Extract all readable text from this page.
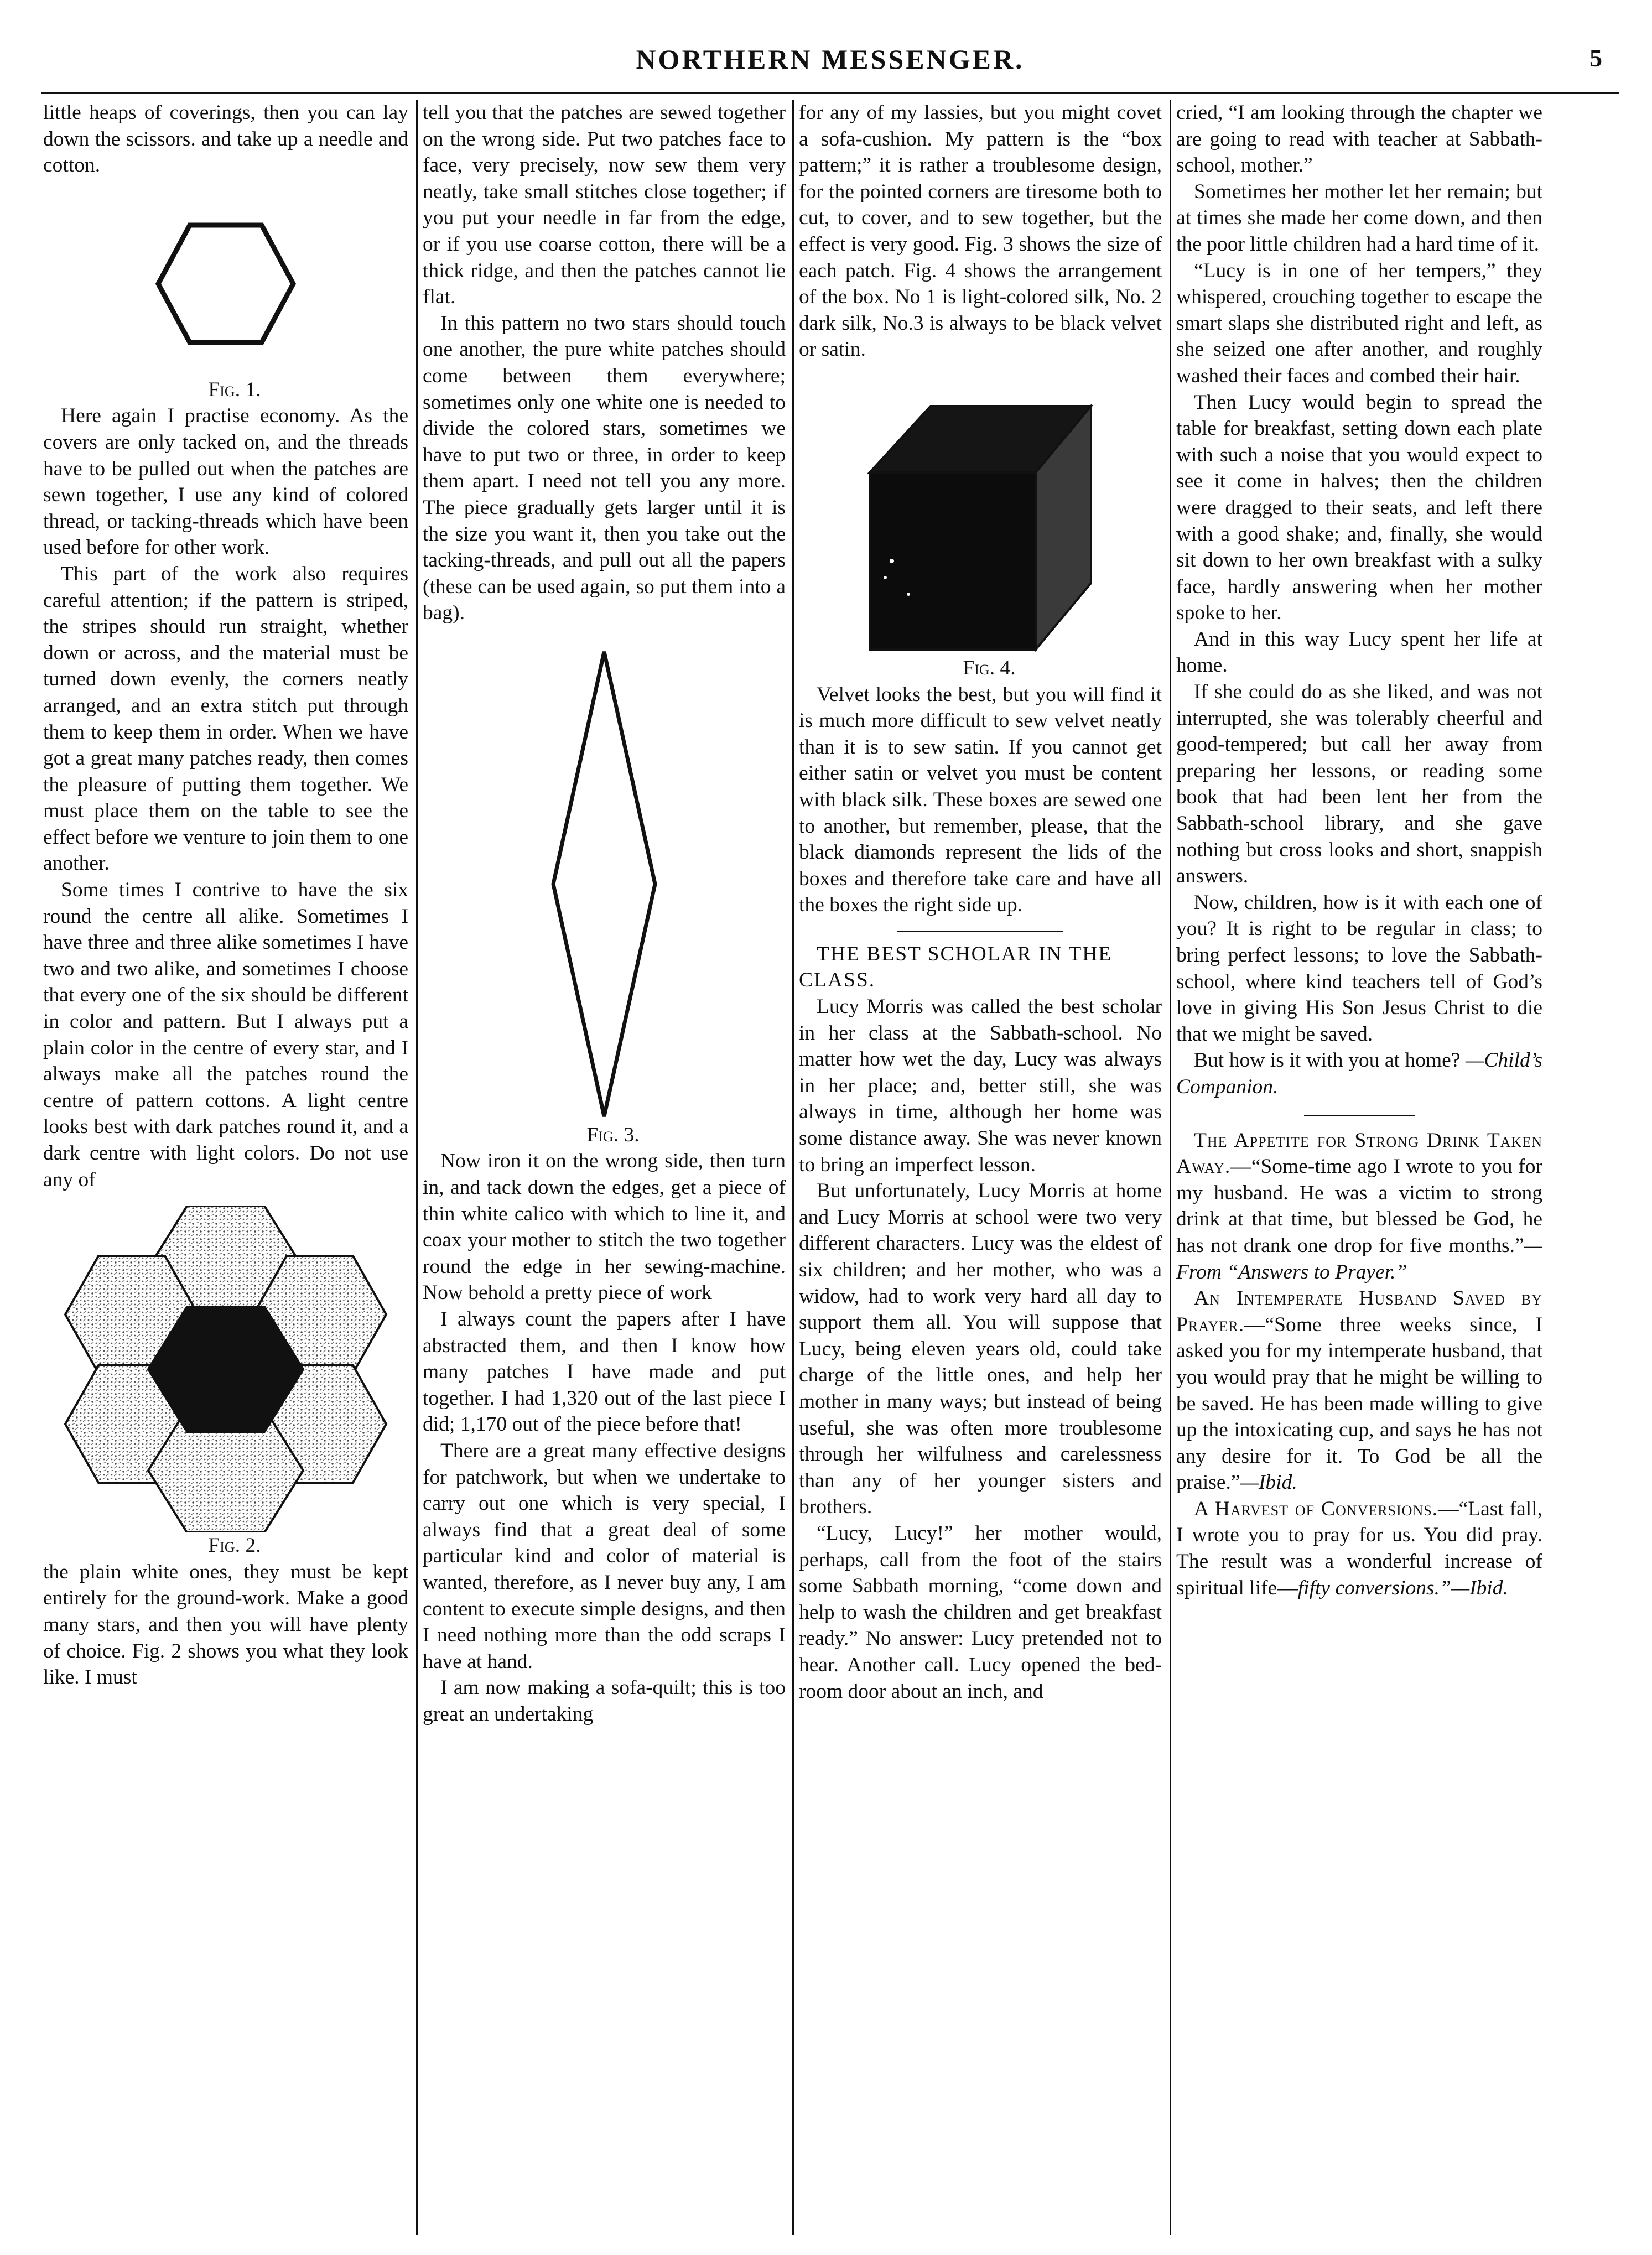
NORTHERN MESSENGER.	5

little heaps of coverings, then you can lay down the scissors. and take up a needle and cotton.

Fig. 1.

Here again I practise economy. As the covers are only tacked on, and the threads have to be pulled out when the patches are sewn together, I use any kind of colored thread, or tacking-threads which have been used before for other work.

This part of the work also requires careful attention; if the pattern is striped, the stripes should run straight, whether down or across, and the material must be turned down evenly, the corners neatly arranged, and an extra stitch put through them to keep them in order. When we have got a great many patches ready, then comes the pleasure of putting them together. We must place them on the table to see the effect before we venture to join them to one another.

Some times I contrive to have the six round the centre all alike. Sometimes I have three and three alike sometimes I have two and two alike, and sometimes I choose that every one of the six should be different in color and pattern. But I always put a plain color in the centre of every star, and I always make all the patches round the centre of pattern cottons. A light centre looks best with dark patches round it, and a dark centre with light colors. Do not use any of

Fig. 2.

the plain white ones, they must be kept entirely for the ground-work. Make a good many stars, and then you will have plenty of choice. Fig. 2 shows you what they look like. I must

tell you that the patches are sewed together on the wrong side. Put two patches face to face, very precisely, now sew them very neatly, take small stitches close together; if you put your needle in far from the edge, or if you use coarse cotton, there will be a thick ridge, and then the patches cannot lie flat.

In this pattern no two stars should touch one another, the pure white patches should come between them everywhere; sometimes only one white one is needed to divide the colored stars, sometimes we have to put two or three, in order to keep them apart. I need not tell you any more. The piece gradually gets larger until it is the size you want it, then you take out the tacking-threads, and pull out all the papers (these can be used again, so put them into a bag).

Fig. 3.

Now iron it on the wrong side, then turn in, and tack down the edges, get a piece of thin white calico with which to line it, and coax your mother to stitch the two together round the edge in her sewing-machine. Now behold a pretty piece of work

I always count the papers after I have abstracted them, and then I know how many patches I have made and put together. I had 1,320 out of the last piece I did; 1,170 out of the piece before that!

There are a great many effective designs for patchwork, but when we undertake to carry out one which is very special, I always find that a great deal of some particular kind and color of material is wanted, therefore, as I never buy any, I am content to execute simple designs, and then I need nothing more than the odd scraps I have at hand.

I am now making a sofa-quilt; this is too great an undertaking

for any of my lassies, but you might covet a sofa-cushion. My pattern is the “box pattern;” it is rather a troublesome design, for the pointed corners are tiresome both to cut, to cover, and to sew together, but the effect is very good. Fig. 3 shows the size of each patch. Fig. 4 shows the arrangement of the box. No 1 is light-colored silk, No. 2 dark silk, No.3 is always to be black velvet or satin.

Fig. 4.

Velvet looks the best, but you will find it is much more difficult to sew velvet neatly than it is to sew satin. If you cannot get either satin or velvet you must be content with black silk. These boxes are sewed one to another, but remember, please, that the black diamonds represent the lids of the boxes and therefore take care and have all the boxes the right side up.

THE BEST SCHOLAR IN THE CLASS.

Lucy Morris was called the best scholar in her class at the Sabbath-school. No matter how wet the day, Lucy was always in her place; and, better still, she was always in time, although her home was some distance away. She was never known to bring an imperfect lesson.

But unfortunately, Lucy Morris at home and Lucy Morris at school were two very different characters. Lucy was the eldest of six children; and her mother, who was a widow, had to work very hard all day to support them all. You will suppose that Lucy, being eleven years old, could take charge of the little ones, and help her mother in many ways; but instead of being useful, she was often more troublesome through her wilfulness and carelessness than any of her younger sisters and brothers.

“Lucy, Lucy!” her mother would, perhaps, call from the foot of the stairs some Sabbath morning, “come down and help to wash the children and get breakfast ready.” No answer: Lucy pretended not to hear. Another call. Lucy opened the bed-room door about an inch, and

cried, “I am looking through the chapter we are going to read with teacher at Sabbath-school, mother.”

Sometimes her mother let her remain; but at times she made her come down, and then the poor little children had a hard time of it.

“Lucy is in one of her tempers,” they whispered, crouching together to escape the smart slaps she distributed right and left, as she seized one after another, and roughly washed their faces and combed their hair.

Then Lucy would begin to spread the table for breakfast, setting down each plate with such a noise that you would expect to see it come in halves; then the children were dragged to their seats, and left there with a good shake; and, finally, she would sit down to her own breakfast with a sulky face, hardly answering when her mother spoke to her.

And in this way Lucy spent her life at home.

If she could do as she liked, and was not interrupted, she was tolerably cheerful and good-tempered; but call her away from preparing her lessons, or reading some book that had been lent her from the Sabbath-school library, and she gave nothing but cross looks and short, snappish answers.

Now, children, how is it with each one of you? It is right to be regular in class; to bring perfect lessons; to love the Sabbath-school, where kind teachers tell of God’s love in giving His Son Jesus Christ to die that we might be saved.

But how is it with you at home? —Child’s Companion.

The Appetite for Strong Drink Taken Away.—“Some-time ago I wrote to you for my husband. He was a victim to strong drink at that time, but blessed be God, he has not drank one drop for five months.”—From “Answers to Prayer.”

An Intemperate Husband Saved by Prayer.—“Some three weeks since, I asked you for my intemperate husband, that you would pray that he might be willing to be saved. He has been made willing to give up the intoxicating cup, and says he has not any desire for it. To God be all the praise.”—Ibid.

A Harvest of Conversions.—“Last fall, I wrote you to pray for us. You did pray. The result was a wonderful increase of spiritual life—fifty conversions.”—Ibid.
